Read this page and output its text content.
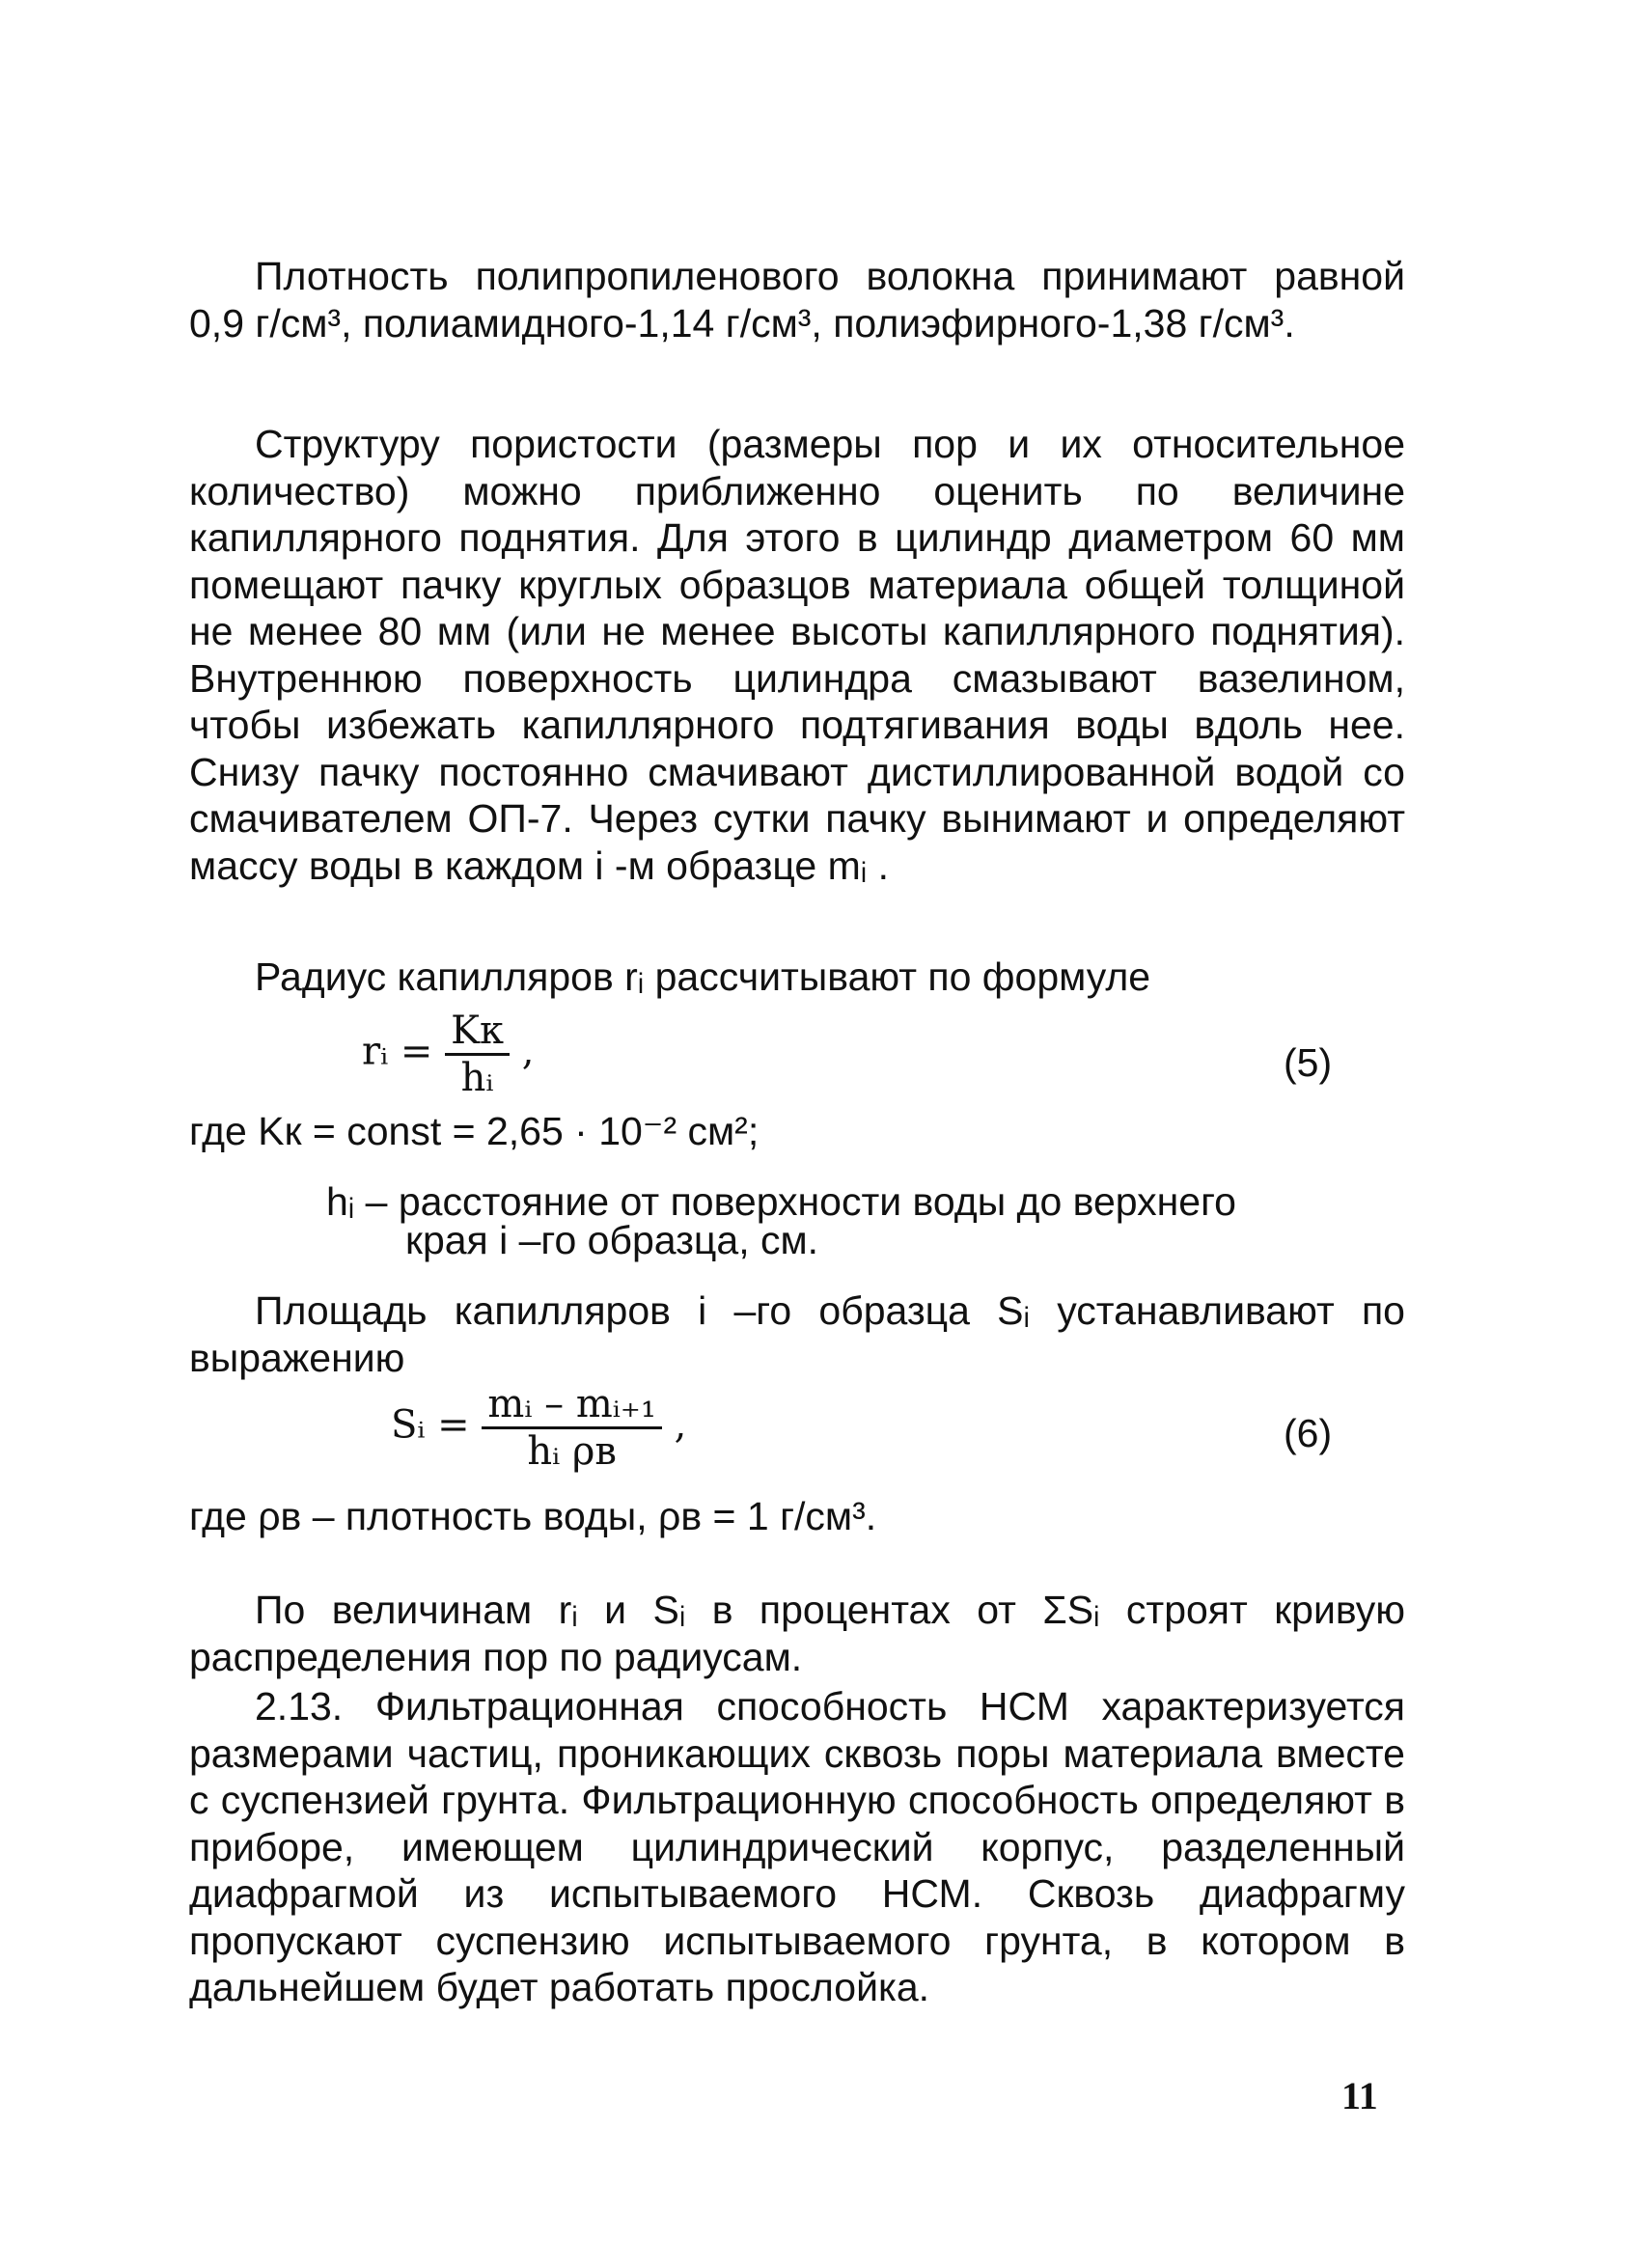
Плотность полипропиленового волокна принимают равной 0,9 г/см³, полиамидного-1,14 г/см³, полиэфирного-1,38 г/см³.

Структуру пористости (размеры пор и их относительное количество) можно приближенно оценить по величине капиллярного поднятия. Для этого в цилиндр диаметром 60 мм помещают пачку круглых образцов материала общей толщиной не менее 80 мм (или не менее высоты капиллярного поднятия). Внутреннюю поверхность цилиндра смазывают вазелином, чтобы избежать капиллярного подтягивания воды вдоль нее. Снизу пачку постоянно смачивают дистиллированной водой со смачивателем ОП-7. Через сутки пачку вынимают и определяют массу воды в каждом i -м образце mᵢ .

Радиус капилляров rᵢ рассчитывают по формуле

rᵢ = $\frac{Kк}{\text{hᵢ}}$ ,	(5)
где Kк = const = 2,65 · 10⁻² см²;
hᵢ – расстояние от поверхности воды до верхнего
края i –го образца, см.

Площадь капилляров i –го образца Sᵢ устанавливают по выражению

Sᵢ = $\frac{\text{mᵢ – mᵢ₊₁}}{\text{hᵢ ρв}}$ ,	(6)
где ρв – плотность воды, ρв = 1 г/см³.

По величинам rᵢ и Sᵢ в процентах от ΣSᵢ строят кривую распределения пор по радиусам.

2.13. Фильтрационная способность НСМ характеризуется размерами частиц, проникающих сквозь поры материала вместе с суспензией грунта. Фильтрационную способность определяют в приборе, имеющем цилиндрический корпус, разделенный диафрагмой из испытываемого НСМ. Сквозь диафрагму пропускают суспензию испытываемого грунта, в котором в дальнейшем будет работать прослойка.

11
